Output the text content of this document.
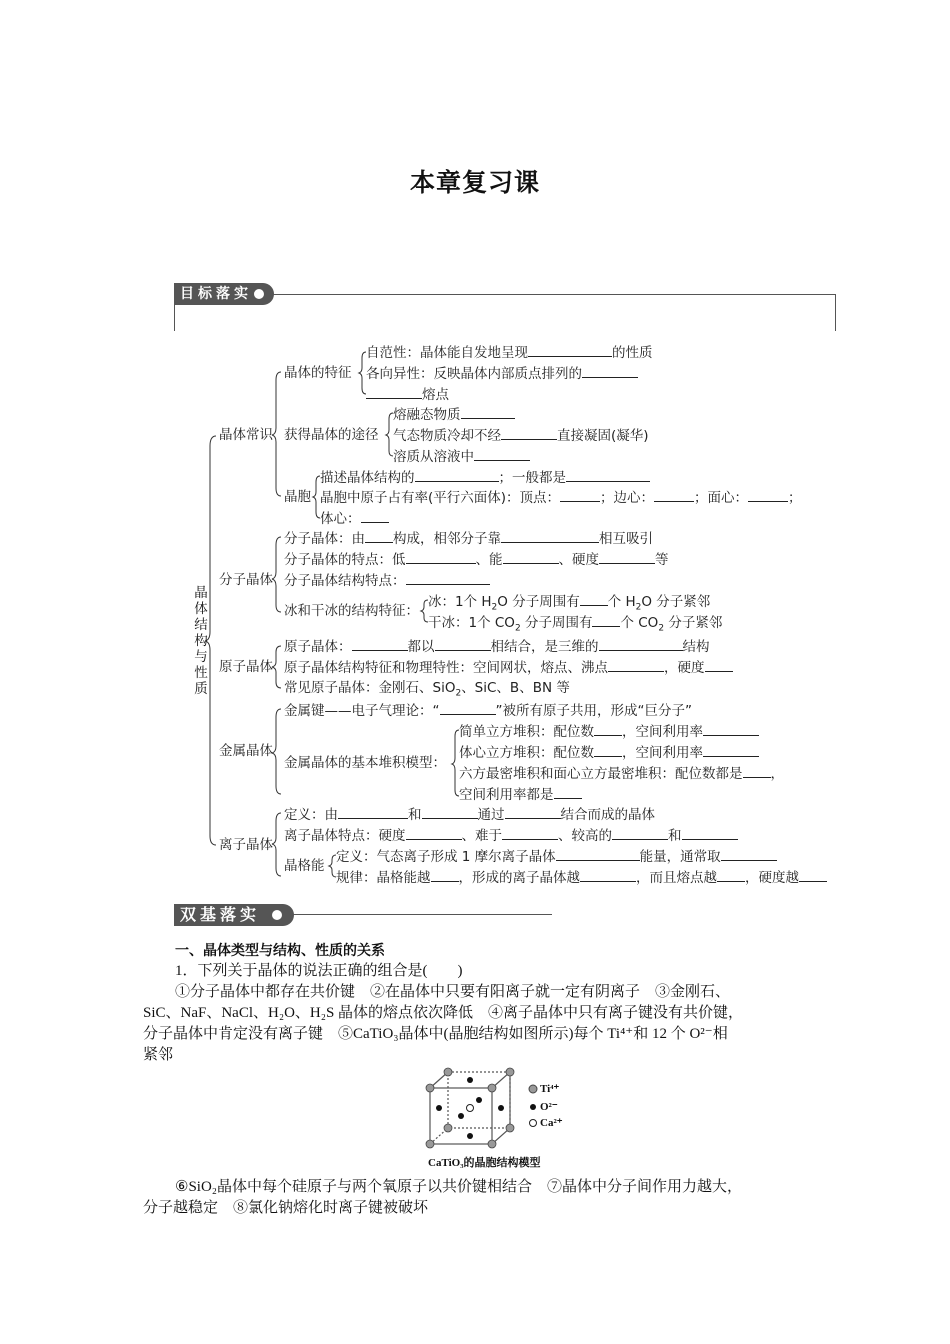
本章复习课
目标落实
晶体结构与性质
晶体常识
晶体的特征
自范性：晶体能自发地呈现	的性质
各向异性：反映晶体内部质点排列的
熔点
获得晶体的途径
熔融态物质
气态物质冷却不经	直接凝固(凝华)
溶质从溶液中
晶胞
描述晶体结构的	；一般都是
晶胞中原子占有率(平行六面体)：顶点：	；边心：	；面心：	；
体心：
分子晶体
分子晶体：由 构成，相邻分子靠	相互吸引
分子晶体的特点：低	、能	、硬度	等
分子晶体结构特点：
冰和干冰的结构特征：
冰：1个 $H_2O$ 分子周围有 个 $H_2O$ 分子紧邻
干冰：1个 $CO_2$ 分子周围有 个 $CO_2$ 分子紧邻
原子晶体
原子晶体：	都以	相结合，是三维的	结构
原子晶体结构特征和物理特性：空间网状，熔点、沸点	，硬度
常见原子晶体：金刚石、SiO$_2$、SiC、B、BN 等
金属晶体
金属键——电子气理论：“	”被所有原子共用，形成“巨分子”
金属晶体的基本堆积模型：
简单立方堆积：配位数 ，空间利用率
体心立方堆积：配位数 ，空间利用率
六方最密堆积和面心立方最密堆积：配位数都是 ，
空间利用率都是
离子晶体
定义：由	和	通过	结合而成的晶体
离子晶体特点：硬度	、难于	、较高的	和
晶格能
定义：气态离子形成 1 摩尔离子晶体	能量，通常取
规律：晶格能越 ，形成的离子晶体越	，而且熔点越 ，硬度越
双基落实
一、晶体类型与结构、性质的关系
1．下列关于晶体的说法正确的组合是(　　)
①分子晶体中都存在共价键　②在晶体中只要有阳离子就一定有阴离子　③金刚石、
SiC、NaF、NaCl、H₂O、H₂S 晶体的熔点依次降低　④离子晶体中只有离子键没有共价键，
分子晶体中肯定没有离子键　⑤CaTiO₃晶体中(晶胞结构如图所示)每个 Ti⁴⁺和 12 个 O²⁻相
紧邻
Ti⁴⁺
O²⁻
Ca²⁺
CaTiO₃的晶胞结构模型
⑥SiO₂晶体中每个硅原子与两个氧原子以共价键相结合　⑦晶体中分子间作用力越大，
分子越稳定　⑧氯化钠熔化时离子键被破坏
